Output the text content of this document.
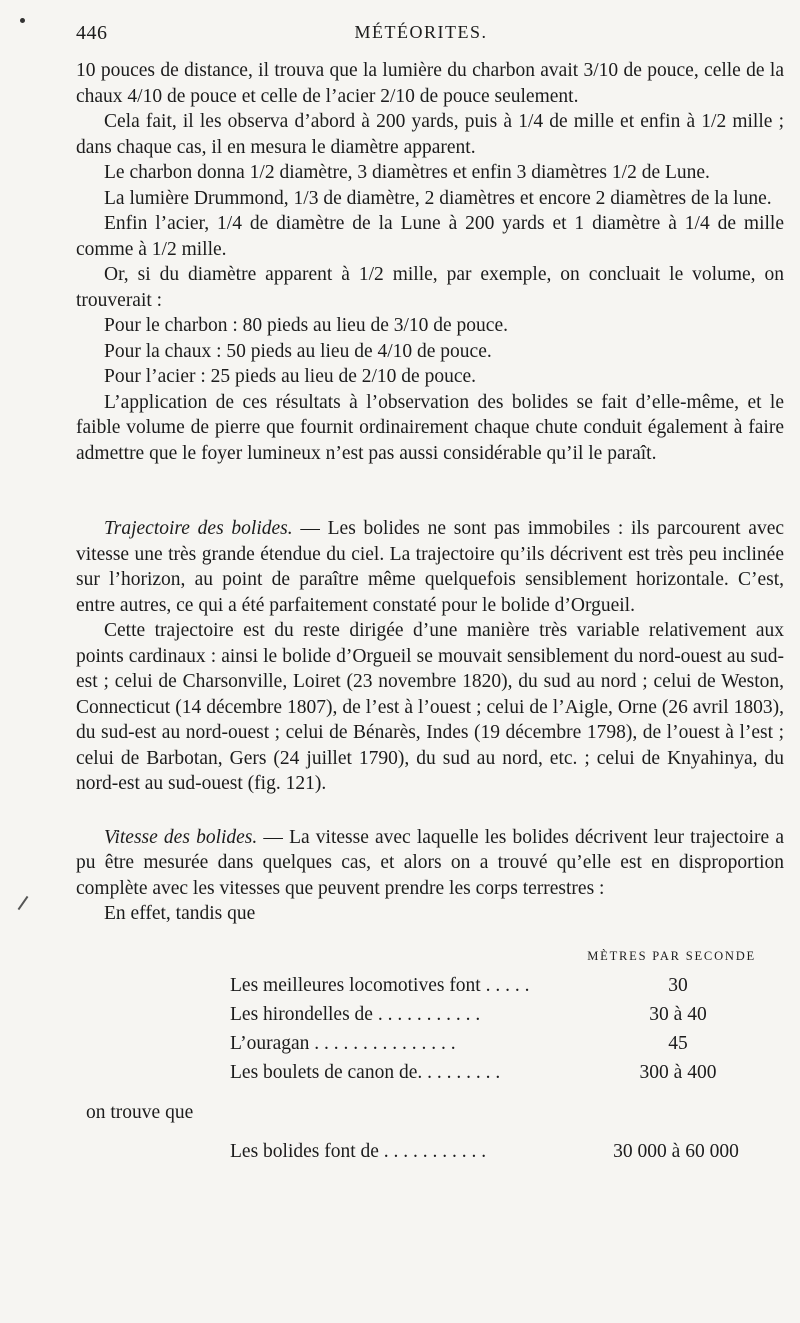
446	MÉTÉORITES.

10 pouces de distance, il trouva que la lumière du charbon avait 3/10 de pouce, celle de la chaux 4/10 de pouce et celle de l’acier 2/10 de pouce seulement.

Cela fait, il les observa d’abord à 200 yards, puis à 1/4 de mille et enfin à 1/2 mille ; dans chaque cas, il en mesura le diamètre apparent.

Le charbon donna 1/2 diamètre, 3 diamètres et enfin 3 diamètres 1/2 de Lune.

La lumière Drummond, 1/3 de diamètre, 2 diamètres et encore 2 diamètres de la lune.

Enfin l’acier, 1/4 de diamètre de la Lune à 200 yards et 1 diamètre à 1/4 de mille comme à 1/2 mille.

Or, si du diamètre apparent à 1/2 mille, par exemple, on concluait le volume, on trouverait :

Pour le charbon : 80 pieds au lieu de 3/10 de pouce.

Pour la chaux : 50 pieds au lieu de 4/10 de pouce.

Pour l’acier : 25 pieds au lieu de 2/10 de pouce.

L’application de ces résultats à l’observation des bolides se fait d’elle-même, et le faible volume de pierre que fournit ordinairement chaque chute conduit également à faire admettre que le foyer lumineux n’est pas aussi considérable qu’il le paraît.

Trajectoire des bolides. — Les bolides ne sont pas immobiles : ils parcourent avec vitesse une très grande étendue du ciel. La trajectoire qu’ils décrivent est très peu inclinée sur l’horizon, au point de paraître même quelquefois sensiblement horizontale. C’est, entre autres, ce qui a été parfaitement constaté pour le bolide d’Orgueil.

Cette trajectoire est du reste dirigée d’une manière très variable relativement aux points cardinaux : ainsi le bolide d’Orgueil se mouvait sensiblement du nord-ouest au sud-est ; celui de Charsonville, Loiret (23 novembre 1820), du sud au nord ; celui de Weston, Connecticut (14 décembre 1807), de l’est à l’ouest ; celui de l’Aigle, Orne (26 avril 1803), du sud-est au nord-ouest ; celui de Bénarès, Indes (19 décembre 1798), de l’ouest à l’est ; celui de Barbotan, Gers (24 juillet 1790), du sud au nord, etc. ; celui de Knyahinya, du nord-est au sud-ouest (fig. 121).

Vitesse des bolides. — La vitesse avec laquelle les bolides décrivent leur trajectoire a pu être mesurée dans quelques cas, et alors on a trouvé qu’elle est en disproportion complète avec les vitesses que peuvent prendre les corps terrestres :

En effet, tandis que

MÈTRES PAR SECONDE
Les meilleures locomotives font . . . . .	30
Les hirondelles de . . . . . . . . . . .	30 à 40
L’ouragan . . . . . . . . . . . . . . .	45
Les boulets de canon de. . . . . . . . .	300 à 400
on trouve que
Les bolides font de . . . . . . . . . . .	30 000 à 60 000
